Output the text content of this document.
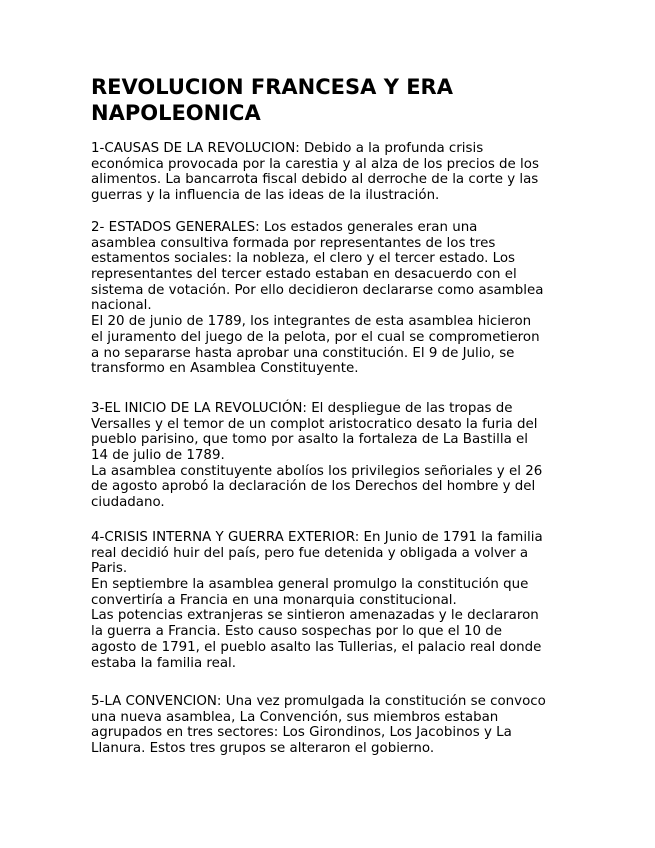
REVOLUCION FRANCESA Y ERA
NAPOLEONICA
1-CAUSAS DE LA REVOLUCION: Debido a la profunda crisis
económica provocada por la carestia y al alza de los precios de los
alimentos. La bancarrota fiscal debido al derroche de la corte y las
guerras y la influencia de las ideas de la ilustración.
2- ESTADOS GENERALES: Los estados generales eran una
asamblea consultiva formada por representantes de los tres
estamentos sociales: la nobleza, el clero y el tercer estado. Los
representantes del tercer estado estaban en desacuerdo con el
sistema de votación. Por ello decidieron declararse como asamblea
nacional.
El 20 de junio de 1789, los integrantes de esta asamblea hicieron
el juramento del juego de la pelota, por el cual se comprometieron
a no separarse hasta aprobar una constitución. El 9 de Julio, se
transformo en Asamblea Constituyente.
3-EL INICIO DE LA REVOLUCIÓN: El despliegue de las tropas de
Versalles y el temor de un complot aristocratico desato la furia del
pueblo parisino, que tomo por asalto la fortaleza de La Bastilla el
14 de julio de 1789.
La asamblea constituyente abolíos los privilegios señoriales y el 26
de agosto aprobó la declaración de los Derechos del hombre y del
ciudadano.
4-CRISIS INTERNA Y GUERRA EXTERIOR: En Junio de 1791 la familia
real decidió huir del país, pero fue detenida y obligada a volver a
Paris.
En septiembre la asamblea general promulgo la constitución que
convertiría a Francia en una monarquia constitucional.
Las potencias extranjeras se sintieron amenazadas y le declararon
la guerra a Francia. Esto causo sospechas por lo que el 10 de
agosto de 1791, el pueblo asalto las Tullerias, el palacio real donde
estaba la familia real.
5-LA CONVENCION: Una vez promulgada la constitución se convoco
una nueva asamblea, La Convención, sus miembros estaban
agrupados en tres sectores: Los Girondinos, Los Jacobinos y La
Llanura. Estos tres grupos se alteraron el gobierno.
